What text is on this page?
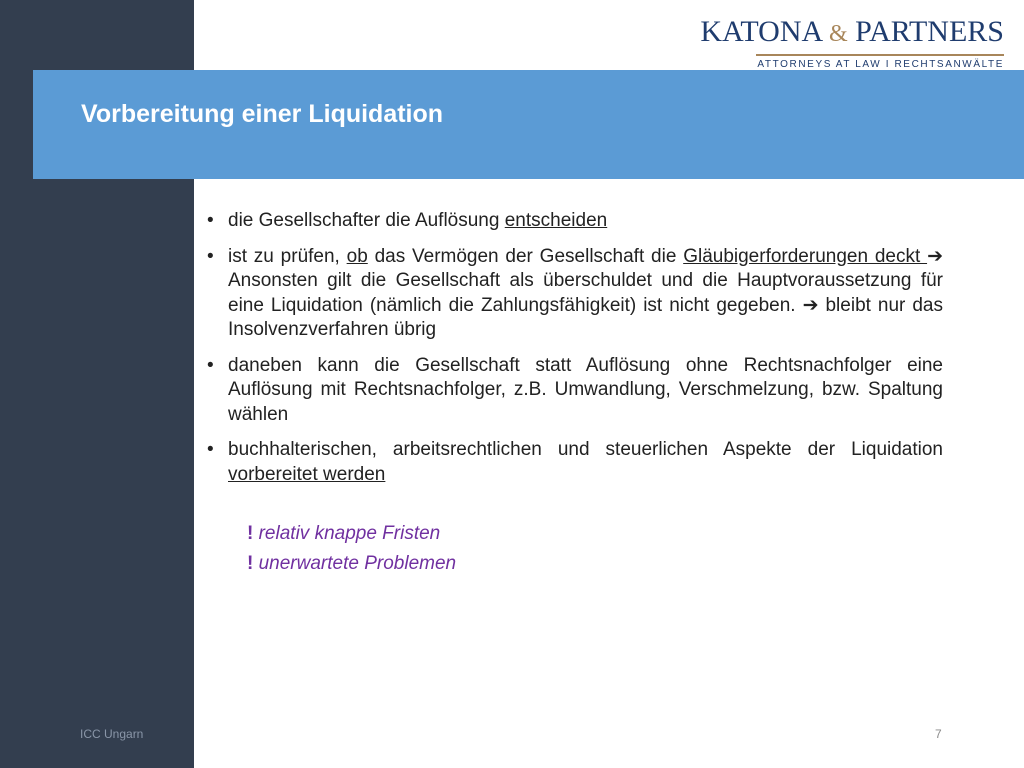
KATONA & PARTNERS
ATTORNEYS AT LAW I RECHTSANWÄLTE
Vorbereitung einer Liquidation
• die Gesellschafter die Auflösung entscheiden
• ist zu prüfen, ob das Vermögen der Gesellschaft die Gläubigerforderungen deckt ➔ Ansonsten gilt die Gesellschaft als überschuldet und die Hauptvoraussetzung für eine Liquidation (nämlich die Zahlungsfähigkeit) ist nicht gegeben. ➔ bleibt nur das Insolvenzverfahren übrig
• daneben kann die Gesellschaft statt Auflösung ohne Rechtsnachfolger eine Auflösung mit Rechtsnachfolger, z.B. Umwandlung, Verschmelzung, bzw. Spaltung wählen
• buchhalterischen, arbeitsrechtlichen und steuerlichen Aspekte der Liquidation vorbereitet werden
! relativ knappe Fristen
! unerwartete Problemen
ICC Ungarn	7
